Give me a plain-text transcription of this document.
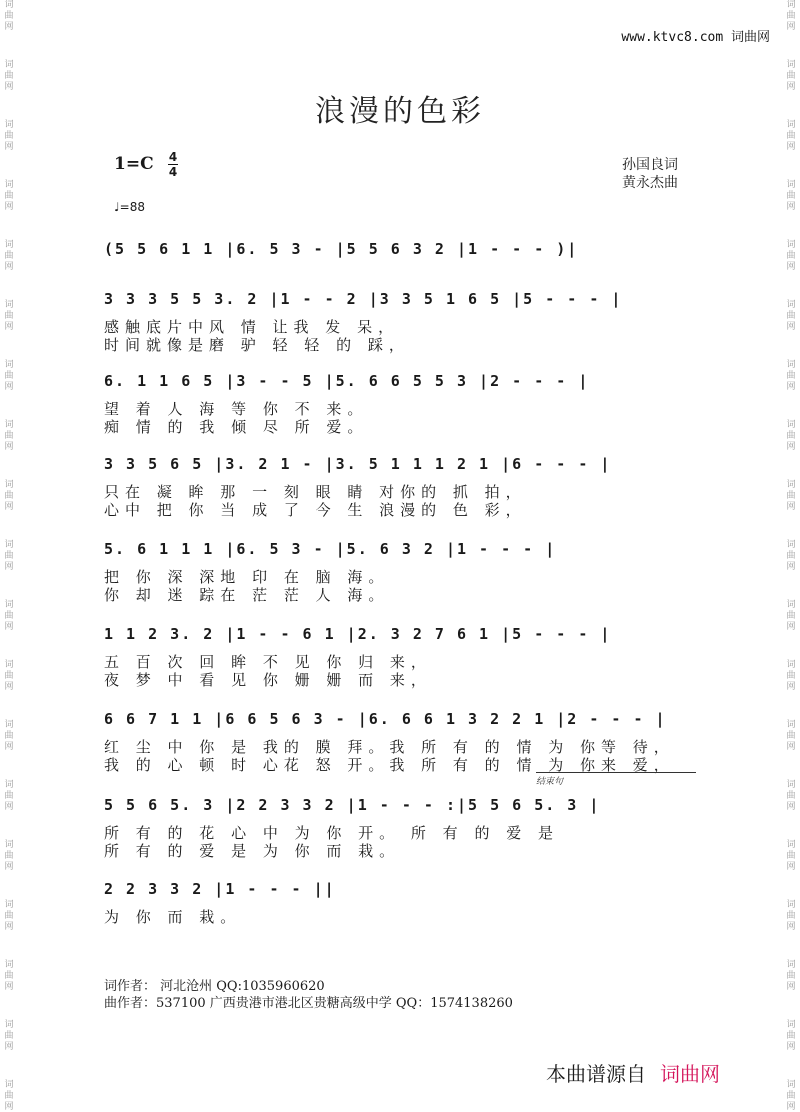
词
曲
网
词
曲
网
词
曲
网
词
曲
网
词
曲
网
词
曲
网
词
曲
网
词
曲
网
词
曲
网
词
曲
网
词
曲
网
词
曲
网
词
曲
网
词
曲
网
词
曲
网
词
曲
网
词
曲
网
词
曲
网
词
曲
网
词
曲
网
词
曲
网
词
曲
网
词
曲
网
词
曲
网
词
曲
网
词
曲
网
词
曲
网
词
曲
网
词
曲
网
词
曲
网
词
曲
网
词
曲
网
词
曲
网
词
曲
网
词
曲
网
词
曲
网
词
曲
网
词
曲
网
www.ktvc8.com 词曲网
浪漫的色彩
1=C 4
4
♩=88
孙国良词
黄永杰曲
(5 5 6 1 1 |6. 5 3 - |5 5 6 3 2 |1 - - - )|
3 3 3 5 5 3. 2 |1 - - 2 |3 3 5 1 6 5 |5 - - - |
感触底片中风 情 让我 发 呆，
时间就像是磨 驴 轻 轻 的 踩，
6. 1 1 6 5 |3 - - 5 |5. 6 6 5 5 3 |2 - - - |
望 着 人 海 等 你 不 来。
痴 情 的 我 倾 尽 所 爱。
3 3 5 6 5 |3. 2 1 - |3. 5 1 1 1 2 1 |6 - - - |
只在 凝 眸 那 一 刻 眼 睛 对你的 抓 拍，
心中 把 你 当 成 了 今 生 浪漫的 色 彩，
5. 6 1 1 1 |6. 5 3 - |5. 6 3 2 |1 - - - |
把 你 深 深地 印 在 脑 海。
你 却 迷 踪在 茫 茫 人 海。
1 1 2 3. 2 |1 - - 6 1 |2. 3 2 7 6 1 |5 - - - |
五 百 次 回 眸 不 见 你 归 来，
夜 梦 中 看 见 你 姗 姗 而 来，
6 6 7 1 1 |6 6 5 6 3 - |6. 6 6 1 3 2 2 1 |2 - - - |
红 尘 中 你 是 我的 膜 拜。我 所 有 的 情 为 你等 待，
我 的 心 顿 时 心花 怒 开。我 所 有 的 情 为 你来 爱，
5 5 6 5. 3 |2 2 3 3 2 |1 - - - :|5 5 6 5. 3 |
所 有 的 花 心 中 为 你 开。 所 有 的 爱 是
所 有 的 爱 是 为 你 而 栽。
2 2 3 3 2 |1 - - - ||
为 你 而 栽。
结束句
词作者： 河北沧州 QQ:1035960620
曲作者：537100 广西贵港市港北区贵糖高级中学 QQ：1574138260
本曲谱源自 词曲网
